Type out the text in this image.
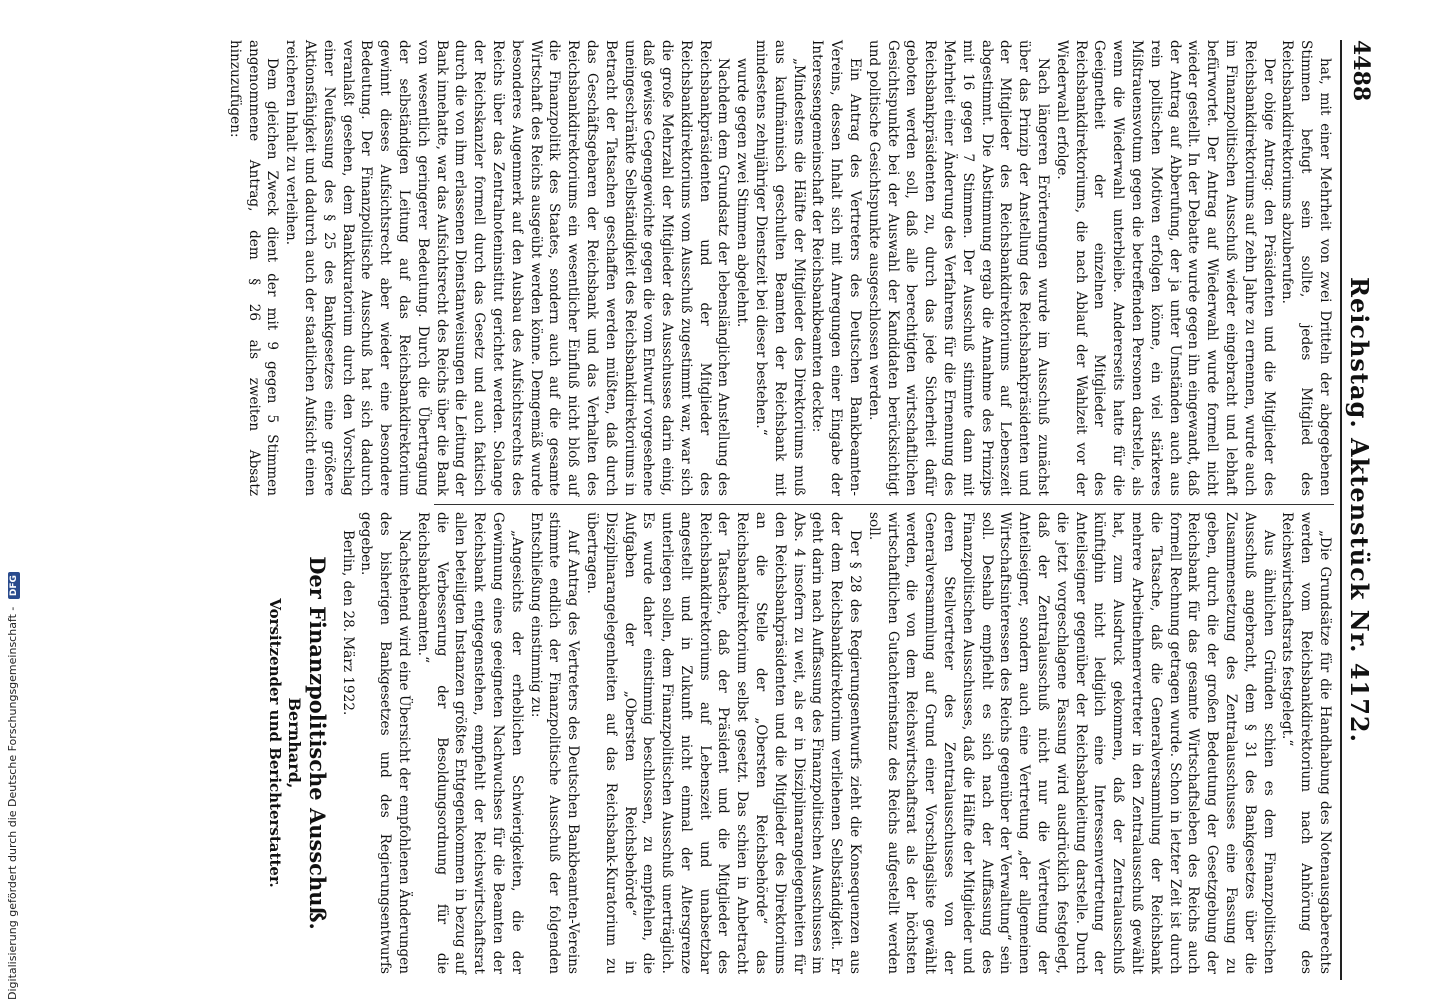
4488
Reichstag. Aktenstück Nr. 4172.

hat, mit einer Mehrheit von zwei Dritteln der abgegebenen Stimmen befugt sein sollte, jedes Mitglied des Reichsbankdirektoriums abzuberufen.

Der obige Antrag: den Präsidenten und die Mitglieder des Reichsbankdirektoriums auf zehn Jahre zu ernennen, wurde auch im Finanzpolitischen Ausschuß wieder eingebracht und lebhaft befürwortet. Der Antrag auf Wiederwahl wurde formell nicht wieder gestellt. In der Debatte wurde gegen ihn eingewandt, daß der Antrag auf Abberufung, der ja unter Umständen auch aus rein politischen Motiven erfolgen könne, ein viel stärkeres Mißtrauensvotum gegen die betreffenden Personen darstelle, als wenn die Wiederwahl unterbleibe. Andererseits hatte für die Geeignetheit der einzelnen Mitglieder des Reichsbankdirektoriums, die nach Ablauf der Wahlzeit vor der Wiederwahl erfolge.

Nach längeren Erörterungen wurde im Ausschuß zunächst über das Prinzip der Anstellung des Reichsbankpräsidenten und der Mitglieder des Reichsbankdirektoriums auf Lebenszeit abgestimmt. Die Abstimmung ergab die Annahme des Prinzips mit 16 gegen 7 Stimmen. Der Ausschuß stimmte dann mit Mehrheit einer Änderung des Verfahrens für die Ernennung des Reichsbankpräsidenten zu, durch das jede Sicherheit dafür geboten werden soll, daß alle berechtigten wirtschaftlichen Gesichtspunkte bei der Auswahl der Kandidaten berücksichtigt und politische Gesichtspunkte ausgeschlossen werden.

Ein Antrag des Vertreters des Deutschen Bankbeamten-Vereins, dessen Inhalt sich mit Anregungen einer Eingabe der Interessengemeinschaft der Reichsbankbeamten deckte:

„Mindestens die Hälfte der Mitglieder des Direktoriums muß aus kaufmännisch geschulten Beamten der Reichsbank mit mindestens zehnjähriger Dienstzeit bei dieser bestehen.“

wurde gegen zwei Stimmen abgelehnt.

Nachdem dem Grundsatz der lebenslänglichen Anstellung des Reichsbankpräsidenten und der Mitglieder des Reichsbankdirektoriums vom Ausschuß zugestimmt war, war sich die große Mehrzahl der Mitglieder des Ausschusses darin einig, daß gewisse Gegengewichte gegen die vom Entwurf vorgesehene uneingeschränkte Selbständigkeit des Reichsbankdirektoriums in Betracht der Tatsachen geschaffen werden müßten, daß durch das Geschäftsgebaren der Reichsbank und das Verhalten des Reichsbankdirektoriums ein wesentlicher Einfluß nicht bloß auf die Finanzpolitik des Staates, sondern auch auf die gesamte Wirtschaft des Reichs ausgeübt werden könne. Demgemäß wurde besonderes Augenmerk auf den Ausbau des Aufsichtsrechts des Reichs über das Zentralnoteninstitut gerichtet werden. Solange der Reichskanzler formell durch das Gesetz und auch faktisch durch die von ihm erlassenen Dienstanweisungen die Leitung der Bank innehatte, war das Aufsichtsrecht des Reichs über die Bank von wesentlich geringerer Bedeutung. Durch die Übertragung der selbständigen Leitung auf das Reichsbankdirektorium gewinnt dieses Aufsichtsrecht aber wieder eine besondere Bedeutung. Der Finanzpolitische Ausschuß hat sich dadurch veranlaßt gesehen, dem Bankkuratorium durch den Vorschlag einer Neufassung des § 25 des Bankgesetzes eine größere Aktionsfähigkeit und dadurch auch der staatlichen Aufsicht einen reicheren Inhalt zu verleihen.

Dem gleichen Zweck dient der mit 9 gegen 5 Stimmen angenommene Antrag, dem § 26 als zweiten Absatz hinzuzufügen:

„Die Grundsätze für die Handhabung des Notenausgaberechts werden vom Reichsbankdirektorium nach Anhörung des Reichswirtschaftsrats festgelegt.“

Aus ähnlichen Gründen schien es dem Finanzpolitischen Ausschuß angebracht, dem § 31 des Bankgesetzes über die Zusammensetzung des Zentralausschusses eine Fassung zu geben, durch die der großen Bedeutung der Gesetzgebung der Reichsbank für das gesamte Wirtschaftsleben des Reichs auch formell Rechnung getragen wurde. Schon in letzter Zeit ist durch die Tatsache, daß die Generalversammlung der Reichsbank mehrere Arbeitnehmervertreter in den Zentralausschuß gewählt hat, zum Ausdruck gekommen, daß der Zentralausschuß künftighin nicht lediglich eine Interessenvertretung der Anteilseigner gegenüber der Reichsbankleitung darstelle. Durch die jetzt vorgeschlagene Fassung wird ausdrücklich festgelegt, daß der Zentralausschuß nicht nur die Vertretung der Anteilseigner, sondern auch eine Vertretung „der allgemeinen Wirtschaftsinteressen des Reichs gegenüber der Verwaltung“ sein soll. Deshalb empfiehlt es sich nach der Auffassung des Finanzpolitischen Ausschusses, daß die Hälfte der Mitglieder und deren Stellvertreter des Zentralausschusses von der Generalversammlung auf Grund einer Vorschlagsliste gewählt werden, die von dem Reichswirtschaftsrat als der höchsten wirtschaftlichen Gutachterinstanz des Reichs aufgestellt werden soll.

Der § 28 des Regierungsentwurfs zieht die Konsequenzen aus der dem Reichsbankdirektorium verliehenen Selbständigkeit. Er geht darin nach Auffassung des Finanzpolitischen Ausschusses im Abs. 4 insofern zu weit, als er in Disziplinarangelegenheiten für den Reichsbankpräsidenten und die Mitglieder des Direktoriums an die Stelle der „Obersten Reichsbehörde“ das Reichsbankdirektorium selbst gesetzt. Das schien in Anbetracht der Tatsache, daß der Präsident und die Mitglieder des Reichsbankdirektoriums auf Lebenszeit und unabsetzbar angestellt und in Zukunft nicht einmal der Altersgrenze unterliegen sollen, dem Finanzpolitischen Ausschuß unerträglich. Es wurde daher einstimmig beschlossen, zu empfehlen, die Aufgaben der „Obersten Reichsbehörde“ in Disziplinarangelegenheiten auf das Reichsbank-Kuratorium zu übertragen.

Auf Antrag des Vertreters des Deutschen Bankbeamten-Vereins stimmte endlich der Finanzpolitische Ausschuß der folgenden Entschließung einstimmig zu:

„Angesichts der erheblichen Schwierigkeiten, die der Gewinnung eines geeigneten Nachwuchses für die Beamten der Reichsbank entgegenstehen, empfiehlt der Reichswirtschaftsrat allen beteiligten Instanzen größtes Entgegenkommen in bezug auf die Verbesserung der Besoldungsordnung für die Reichsbankbeamten.“

Nachstehend wird eine Übersicht der empfohlenen Änderungen des bisherigen Bankgesetzes und des Regierungsentwurfs gegeben.

Berlin, den 28. März 1922.

Der Finanzpolitische Ausschuß.
Bernhard,
Vorsitzender und Berichterstatter.
Digitalisierung gefördert durch die Deutsche Forschungsgemeinschaft - DFG
